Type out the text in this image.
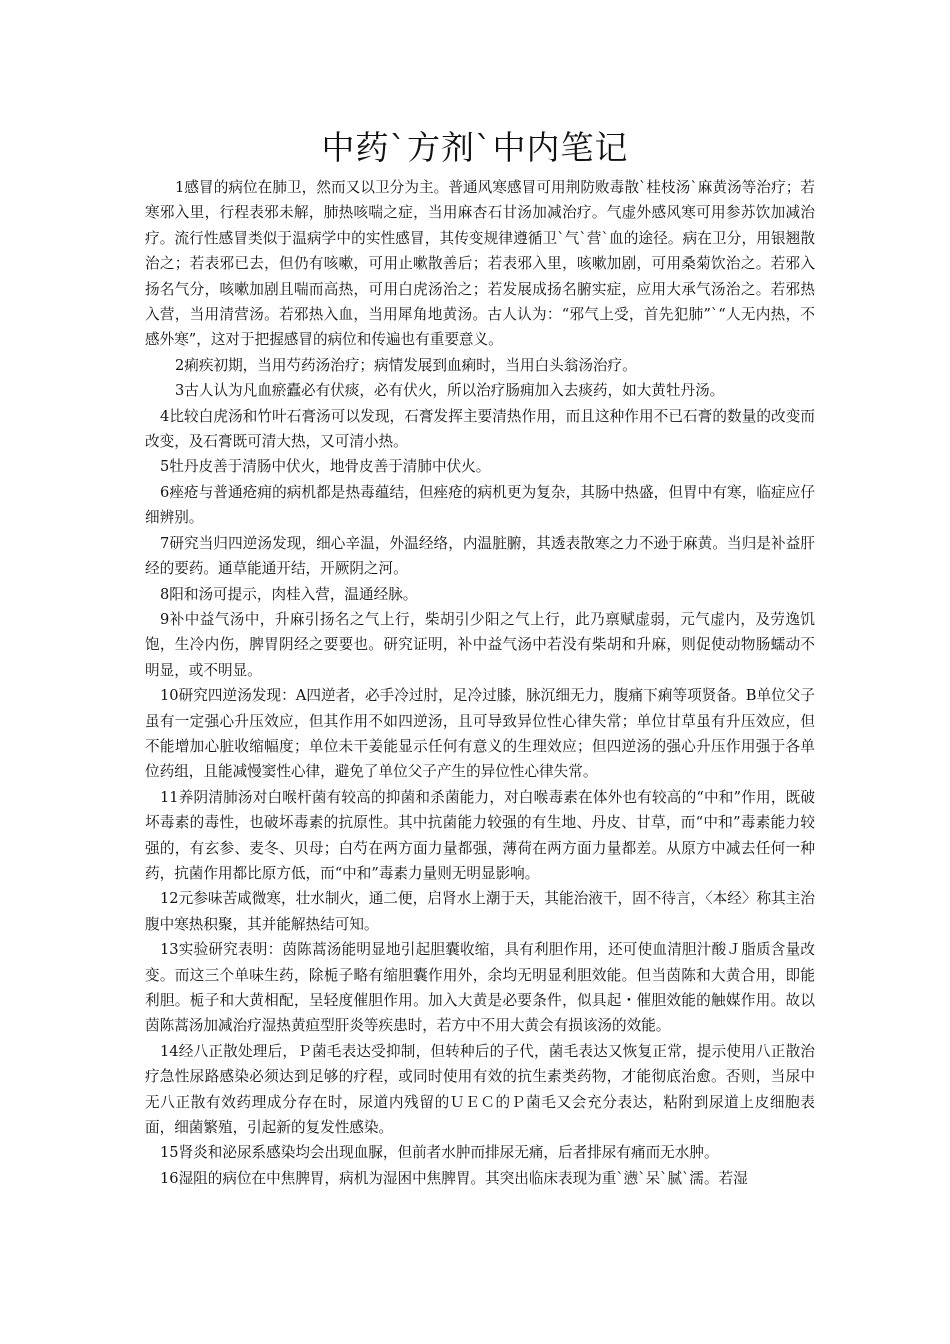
中药`方剂`中内笔记

1感冒的病位在肺卫，然而又以卫分为主。普通风寒感冒可用荆防败毒散`桂枝汤`麻黄汤等治疗；若寒邪入里，行程表邪未解，肺热咳喘之症，当用麻杏石甘汤加减治疗。气虚外感风寒可用参苏饮加减治疗。流行性感冒类似于温病学中的实性感冒，其传变规律遵循卫`气`营`血的途径。病在卫分，用银翘散治之；若表邪已去，但仍有咳嗽，可用止嗽散善后；若表邪入里，咳嗽加剧，可用桑菊饮治之。若邪入扬名气分，咳嗽加剧且喘而高热，可用白虎汤治之；若发展成扬名腑实症，应用大承气汤治之。若邪热入营，当用清营汤。若邪热入血，当用犀角地黄汤。古人认为：“邪气上受，首先犯肺”`“人无内热，不感外寒”，这对于把握感冒的病位和传遍也有重要意义。

2痢疾初期，当用芍药汤治疗；病情发展到血痢时，当用白头翁汤治疗。

3古人认为凡血瘀蠹必有伏痰，必有伏火，所以治疗肠痈加入去痰药，如大黄牡丹汤。

4比较白虎汤和竹叶石膏汤可以发现，石膏发挥主要清热作用，而且这种作用不已石膏的数量的改变而改变，及石膏既可清大热，又可清小热。

5牡丹皮善于清肠中伏火，地骨皮善于清肺中伏火。

6痤疮与普通疮痈的病机都是热毒蕴结，但痤疮的病机更为复杂，其肠中热盛，但胃中有寒，临症应仔细辨别。

7研究当归四逆汤发现，细心辛温，外温经络，内温脏腑，其透表散寒之力不逊于麻黄。当归是补益肝经的要药。通草能通开结，开厥阴之河。

8阳和汤可提示，肉桂入营，温通经脉。

9补中益气汤中，升麻引扬名之气上行，柴胡引少阳之气上行，此乃禀赋虚弱，元气虚内，及劳逸饥饱，生冷内伤，脾胃阴经之要要也。研究证明，补中益气汤中若没有柴胡和升麻，则促使动物肠蠕动不明显，或不明显。

10研究四逆汤发现：A四逆者，必手冷过肘，足冷过膝，脉沉细无力，腹痛下痢等项贤备。B单位父子虽有一定强心升压效应，但其作用不如四逆汤，且可导致异位性心律失常；单位甘草虽有升压效应，但不能增加心脏收缩幅度；单位未干姜能显示任何有意义的生理效应；但四逆汤的强心升压作用强于各单位药组，且能减慢窦性心律，避免了单位父子产生的异位性心律失常。

11养阴清肺汤对白喉杆菌有较高的抑菌和杀菌能力，对白喉毒素在体外也有较高的“中和”作用，既破坏毒素的毒性，也破坏毒素的抗原性。其中抗菌能力较强的有生地、丹皮、甘草，而“中和”毒素能力较强的，有玄参、麦冬、贝母；白芍在两方面力量都强，薄荷在两方面力量都差。从原方中减去任何一种药，抗菌作用都比原方低，而“中和”毒素力量则无明显影响。

12元参味苦咸微寒，壮水制火，通二便，启肾水上潮于天，其能治液干，固不待言，〈本经〉称其主治腹中寒热积聚，其并能解热结可知。

13实验研究表明：茵陈蒿汤能明显地引起胆囊收缩，具有利胆作用，还可使血清胆汁酸Ｊ脂质含量改变。而这三个单味生药，除栀子略有缩胆囊作用外，余均无明显利胆效能。但当茵陈和大黄合用，即能利胆。栀子和大黄相配，呈轻度催胆作用。加入大黄是必要条件，似具起・催胆效能的触媒作用。故以茵陈蒿汤加减治疗湿热黄疸型肝炎等疾患时，若方中不用大黄会有损该汤的效能。

14经八正散处理后，Ｐ菌毛表达受抑制，但转种后的子代，菌毛表达又恢复正常，提示使用八正散治疗急性尿路感染必须达到足够的疗程，或同时使用有效的抗生素类药物，才能彻底治愈。否则，当尿中无八正散有效药理成分存在时，尿道内残留的ＵＥＣ的Ｐ菌毛又会充分表达，粘附到尿道上皮细胞表面，细菌繁殖，引起新的复发性感染。

15肾炎和泌尿系感染均会出现血脲，但前者水肿而排尿无痛，后者排尿有痛而无水肿。

16湿阻的病位在中焦脾胃，病机为湿困中焦脾胃。其突出临床表现为重`懑`呆`腻`濡。若湿
